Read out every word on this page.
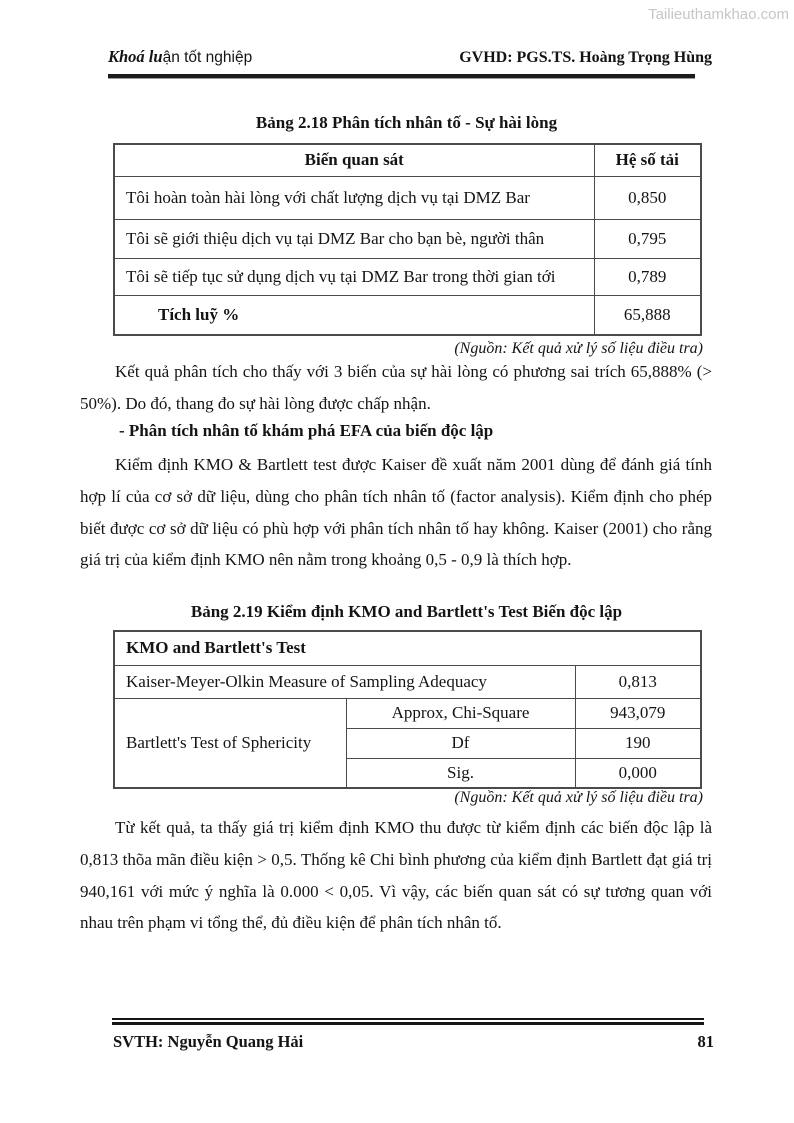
Tailieuthamkhao.com
Khoá luận tốt nghiệp	GVHD: PGS.TS. Hoàng Trọng Hùng
Bảng 2.18 Phân tích nhân tố - Sự hài lòng
Biến quan sát	Hệ số tải
Tôi hoàn toàn hài lòng với chất lượng dịch vụ tại DMZ Bar	0,850
Tôi sẽ giới thiệu dịch vụ tại DMZ Bar cho bạn bè, người thân	0,795
Tôi sẽ tiếp tục sử dụng dịch vụ tại DMZ Bar trong thời gian tới	0,789
Tích luỹ %	65,888
(Nguồn: Kết quả xử lý số liệu điều tra)
Kết quả phân tích cho thấy với 3 biến của sự hài lòng có phương sai trích 65,888% (> 50%). Do đó, thang đo sự hài lòng được chấp nhận.
- Phân tích nhân tố khám phá EFA của biến độc lập
Kiểm định KMO & Bartlett test được Kaiser đề xuất năm 2001 dùng để đánh giá tính hợp lí của cơ sở dữ liệu, dùng cho phân tích nhân tố (factor analysis). Kiểm định cho phép biết được cơ sở dữ liệu có phù hợp với phân tích nhân tố hay không. Kaiser (2001) cho rằng giá trị của kiểm định KMO nên nằm trong khoảng 0,5 - 0,9 là thích hợp.
Bảng 2.19 Kiểm định KMO and Bartlett's Test Biến độc lập
KMO and Bartlett's Test		
Kaiser-Meyer-Olkin Measure of Sampling Adequacy		0,813
Bartlett's Test of Sphericity	Approx, Chi-Square	943,079
	Df	190
	Sig.	0,000
(Nguồn: Kết quả xử lý số liệu điều tra)
Từ kết quả, ta thấy giá trị kiểm định KMO thu được từ kiểm định các biến độc lập là 0,813 thõa mãn điều kiện > 0,5. Thống kê Chi bình phương của kiểm định Bartlett đạt giá trị 940,161 với mức ý nghĩa là 0.000 < 0,05. Vì vậy, các biến quan sát có sự tương quan với nhau trên phạm vi tổng thể, đủ điều kiện để phân tích nhân tố.
SVTH: Nguyễn Quang Hải	81
